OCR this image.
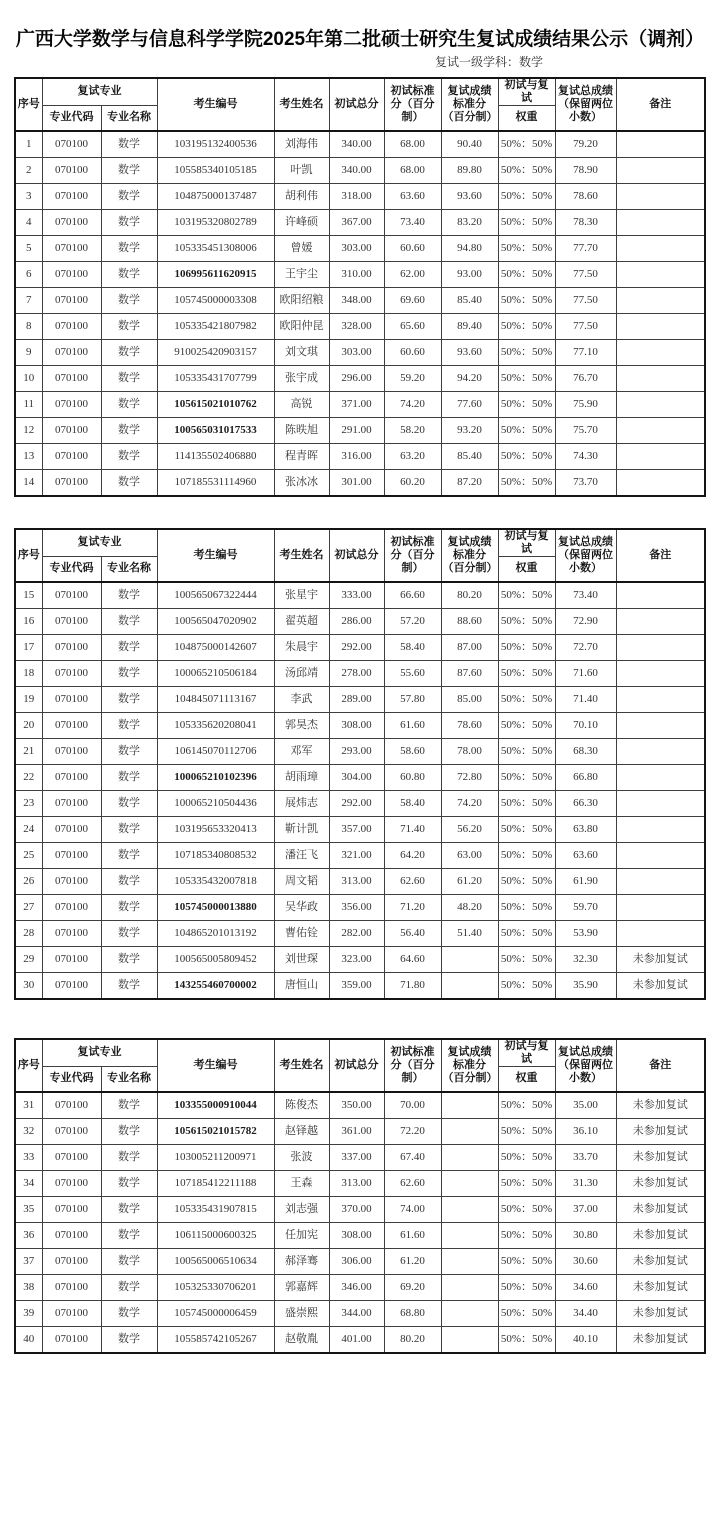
广西大学数学与信息科学学院2025年第二批硕士研究生复试成绩结果公示（调剂）
复试一级学科：数学
序号	复试专业		考生编号	考生姓名	初试总分	初试标准分（百分制）	复试成绩标准分（百分制）	初试与复试	复试总成绩（保留两位小数）	备注
	专业代码	专业名称						权重		
1	070100	数学	103195132400536	刘海伟	340.00	68.00	90.40	50%：50%	79.20	
2	070100	数学	105585340105185	叶凯	340.00	68.00	89.80	50%：50%	78.90	
3	070100	数学	104875000137487	胡利伟	318.00	63.60	93.60	50%：50%	78.60	
4	070100	数学	103195320802789	许峰硕	367.00	73.40	83.20	50%：50%	78.30	
5	070100	数学	105335451308006	曾媛	303.00	60.60	94.80	50%：50%	77.70	
6	070100	数学	106995611620915	王宇尘	310.00	62.00	93.00	50%：50%	77.50	
7	070100	数学	105745000003308	欧阳绍粮	348.00	69.60	85.40	50%：50%	77.50	
8	070100	数学	105335421807982	欧阳仲昆	328.00	65.60	89.40	50%：50%	77.50	
9	070100	数学	910025420903157	刘文琪	303.00	60.60	93.60	50%：50%	77.10	
10	070100	数学	105335431707799	张宇成	296.00	59.20	94.20	50%：50%	76.70	
11	070100	数学	105615021010762	高锐	371.00	74.20	77.60	50%：50%	75.90	
12	070100	数学	100565031017533	陈昳旭	291.00	58.20	93.20	50%：50%	75.70	
13	070100	数学	114135502406880	程青晖	316.00	63.20	85.40	50%：50%	74.30	
14	070100	数学	107185531114960	张冰冰	301.00	60.20	87.20	50%：50%	73.70	
序号	复试专业		考生编号	考生姓名	初试总分	初试标准分（百分制）	复试成绩标准分（百分制）	初试与复试	复试总成绩（保留两位小数）	备注
	专业代码	专业名称						权重		
15	070100	数学	100565067322444	张星宇	333.00	66.60	80.20	50%：50%	73.40	
16	070100	数学	100565047020902	翟英超	286.00	57.20	88.60	50%：50%	72.90	
17	070100	数学	104875000142607	朱晨宇	292.00	58.40	87.00	50%：50%	72.70	
18	070100	数学	100065210506184	汤邱靖	278.00	55.60	87.60	50%：50%	71.60	
19	070100	数学	104845071113167	李武	289.00	57.80	85.00	50%：50%	71.40	
20	070100	数学	105335620208041	郭昊杰	308.00	61.60	78.60	50%：50%	70.10	
21	070100	数学	106145070112706	邓军	293.00	58.60	78.00	50%：50%	68.30	
22	070100	数学	100065210102396	胡雨璋	304.00	60.80	72.80	50%：50%	66.80	
23	070100	数学	100065210504436	展炜志	292.00	58.40	74.20	50%：50%	66.30	
24	070100	数学	103195653320413	靳计凯	357.00	71.40	56.20	50%：50%	63.80	
25	070100	数学	107185340808532	潘汪飞	321.00	64.20	63.00	50%：50%	63.60	
26	070100	数学	105335432007818	周文韬	313.00	62.60	61.20	50%：50%	61.90	
27	070100	数学	105745000013880	吴华政	356.00	71.20	48.20	50%：50%	59.70	
28	070100	数学	104865201013192	曹佑铨	282.00	56.40	51.40	50%：50%	53.90	
29	070100	数学	100565005809452	刘世琛	323.00	64.60		50%：50%	32.30	未参加复试
30	070100	数学	143255460700002	唐恒山	359.00	71.80		50%：50%	35.90	未参加复试
序号	复试专业		考生编号	考生姓名	初试总分	初试标准分（百分制）	复试成绩标准分（百分制）	初试与复试	复试总成绩（保留两位小数）	备注
	专业代码	专业名称						权重		
31	070100	数学	103355000910044	陈俊杰	350.00	70.00		50%：50%	35.00	未参加复试
32	070100	数学	105615021015782	赵铎越	361.00	72.20		50%：50%	36.10	未参加复试
33	070100	数学	103005211200971	张波	337.00	67.40		50%：50%	33.70	未参加复试
34	070100	数学	107185412211188	王森	313.00	62.60		50%：50%	31.30	未参加复试
35	070100	数学	105335431907815	刘志强	370.00	74.00		50%：50%	37.00	未参加复试
36	070100	数学	106115000600325	任加宪	308.00	61.60		50%：50%	30.80	未参加复试
37	070100	数学	100565006510634	郝泽骞	306.00	61.20		50%：50%	30.60	未参加复试
38	070100	数学	105325330706201	郭嘉辉	346.00	69.20		50%：50%	34.60	未参加复试
39	070100	数学	105745000006459	盛崇熙	344.00	68.80		50%：50%	34.40	未参加复试
40	070100	数学	105585742105267	赵敬胤	401.00	80.20		50%：50%	40.10	未参加复试
